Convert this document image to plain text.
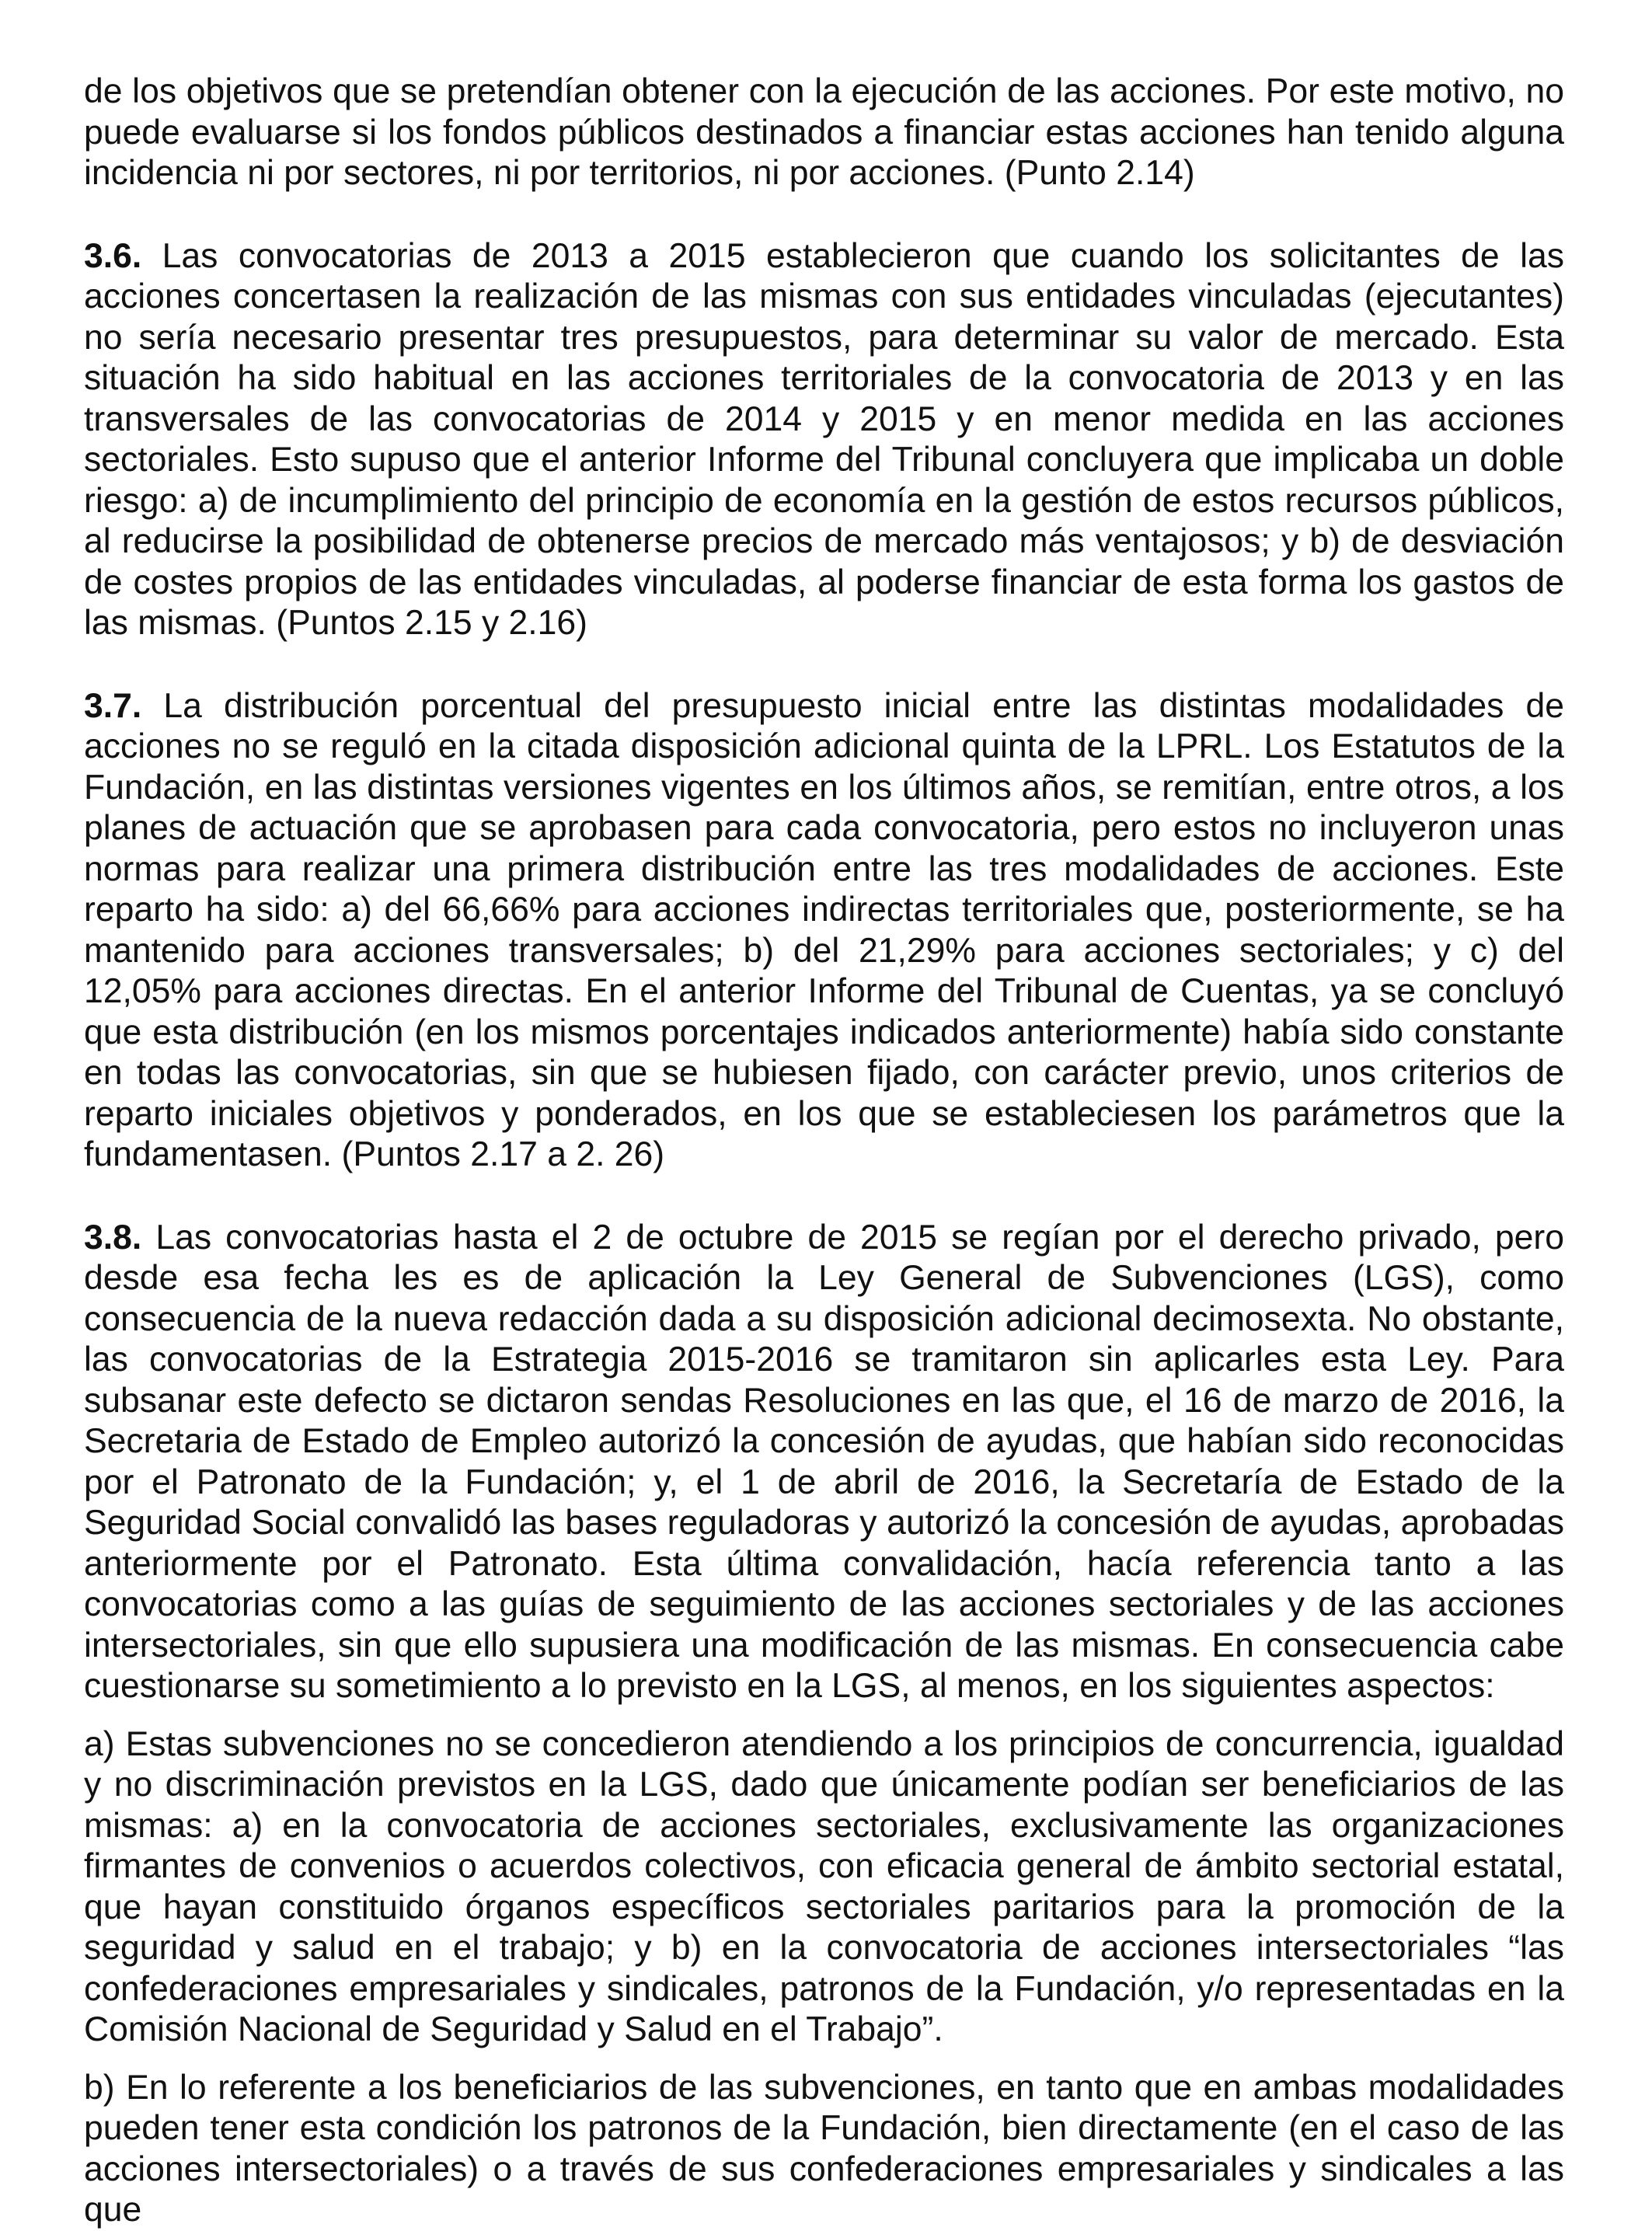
de los objetivos que se pretendían obtener con la ejecución de las acciones. Por este motivo, no puede evaluarse si los fondos públicos destinados a financiar estas acciones han tenido alguna incidencia ni por sectores, ni por territorios, ni por acciones. (Punto 2.14)

3.6. Las convocatorias de 2013 a 2015 establecieron que cuando los solicitantes de las acciones concertasen la realización de las mismas con sus entidades vinculadas (ejecutantes) no sería necesario presentar tres presupuestos, para determinar su valor de mercado. Esta situación ha sido habitual en las acciones territoriales de la convocatoria de 2013 y en las transversales de las convocatorias de 2014 y 2015 y en menor medida en las acciones sectoriales. Esto supuso que el anterior Informe del Tribunal concluyera que implicaba un doble riesgo: a) de incumplimiento del principio de economía en la gestión de estos recursos públicos, al reducirse la posibilidad de obtenerse precios de mercado más ventajosos; y b) de desviación de costes propios de las entidades vinculadas, al poderse financiar de esta forma los gastos de las mismas. (Puntos 2.15 y 2.16)

3.7. La distribución porcentual del presupuesto inicial entre las distintas modalidades de acciones no se reguló en la citada disposición adicional quinta de la LPRL. Los Estatutos de la Fundación, en las distintas versiones vigentes en los últimos años, se remitían, entre otros, a los planes de actuación que se aprobasen para cada convocatoria, pero estos no incluyeron unas normas para realizar una primera distribución entre las tres modalidades de acciones. Este reparto ha sido: a) del 66,66% para acciones indirectas territoriales que, posteriormente, se ha mantenido para acciones transversales; b) del 21,29% para acciones sectoriales; y c) del 12,05% para acciones directas. En el anterior Informe del Tribunal de Cuentas, ya se concluyó que esta distribución (en los mismos porcentajes indicados anteriormente) había sido constante en todas las convocatorias, sin que se hubiesen fijado, con carácter previo, unos criterios de reparto iniciales objetivos y ponderados, en los que se estableciesen los parámetros que la fundamentasen. (Puntos 2.17 a 2. 26)

3.8. Las convocatorias hasta el 2 de octubre de 2015 se regían por el derecho privado, pero desde esa fecha les es de aplicación la Ley General de Subvenciones (LGS), como consecuencia de la nueva redacción dada a su disposición adicional decimosexta. No obstante, las convocatorias de la Estrategia 2015-2016 se tramitaron sin aplicarles esta Ley. Para subsanar este defecto se dictaron sendas Resoluciones en las que, el 16 de marzo de 2016, la Secretaria de Estado de Empleo autorizó la concesión de ayudas, que habían sido reconocidas por el Patronato de la Fundación; y, el 1 de abril de 2016, la Secretaría de Estado de la Seguridad Social convalidó las bases reguladoras y autorizó la concesión de ayudas, aprobadas anteriormente por el Patronato. Esta última convalidación, hacía referencia tanto a las convocatorias como a las guías de seguimiento de las acciones sectoriales y de las acciones intersectoriales, sin que ello supusiera una modificación de las mismas. En consecuencia cabe cuestionarse su sometimiento a lo previsto en la LGS, al menos, en los siguientes aspectos:

a) Estas subvenciones no se concedieron atendiendo a los principios de concurrencia, igualdad y no discriminación previstos en la LGS, dado que únicamente podían ser beneficiarios de las mismas: a) en la convocatoria de acciones sectoriales, exclusivamente las organizaciones firmantes de convenios o acuerdos colectivos, con eficacia general de ámbito sectorial estatal, que hayan constituido órganos específicos sectoriales paritarios para la promoción de la seguridad y salud en el trabajo; y b) en la convocatoria de acciones intersectoriales “las confederaciones empresariales y sindicales, patronos de la Fundación, y/o representadas en la Comisión Nacional de Seguridad y Salud en el Trabajo”.

b) En lo referente a los beneficiarios de las subvenciones, en tanto que en ambas modalidades pueden tener esta condición los patronos de la Fundación, bien directamente (en el caso de las acciones intersectoriales) o a través de sus confederaciones empresariales y sindicales a las que
